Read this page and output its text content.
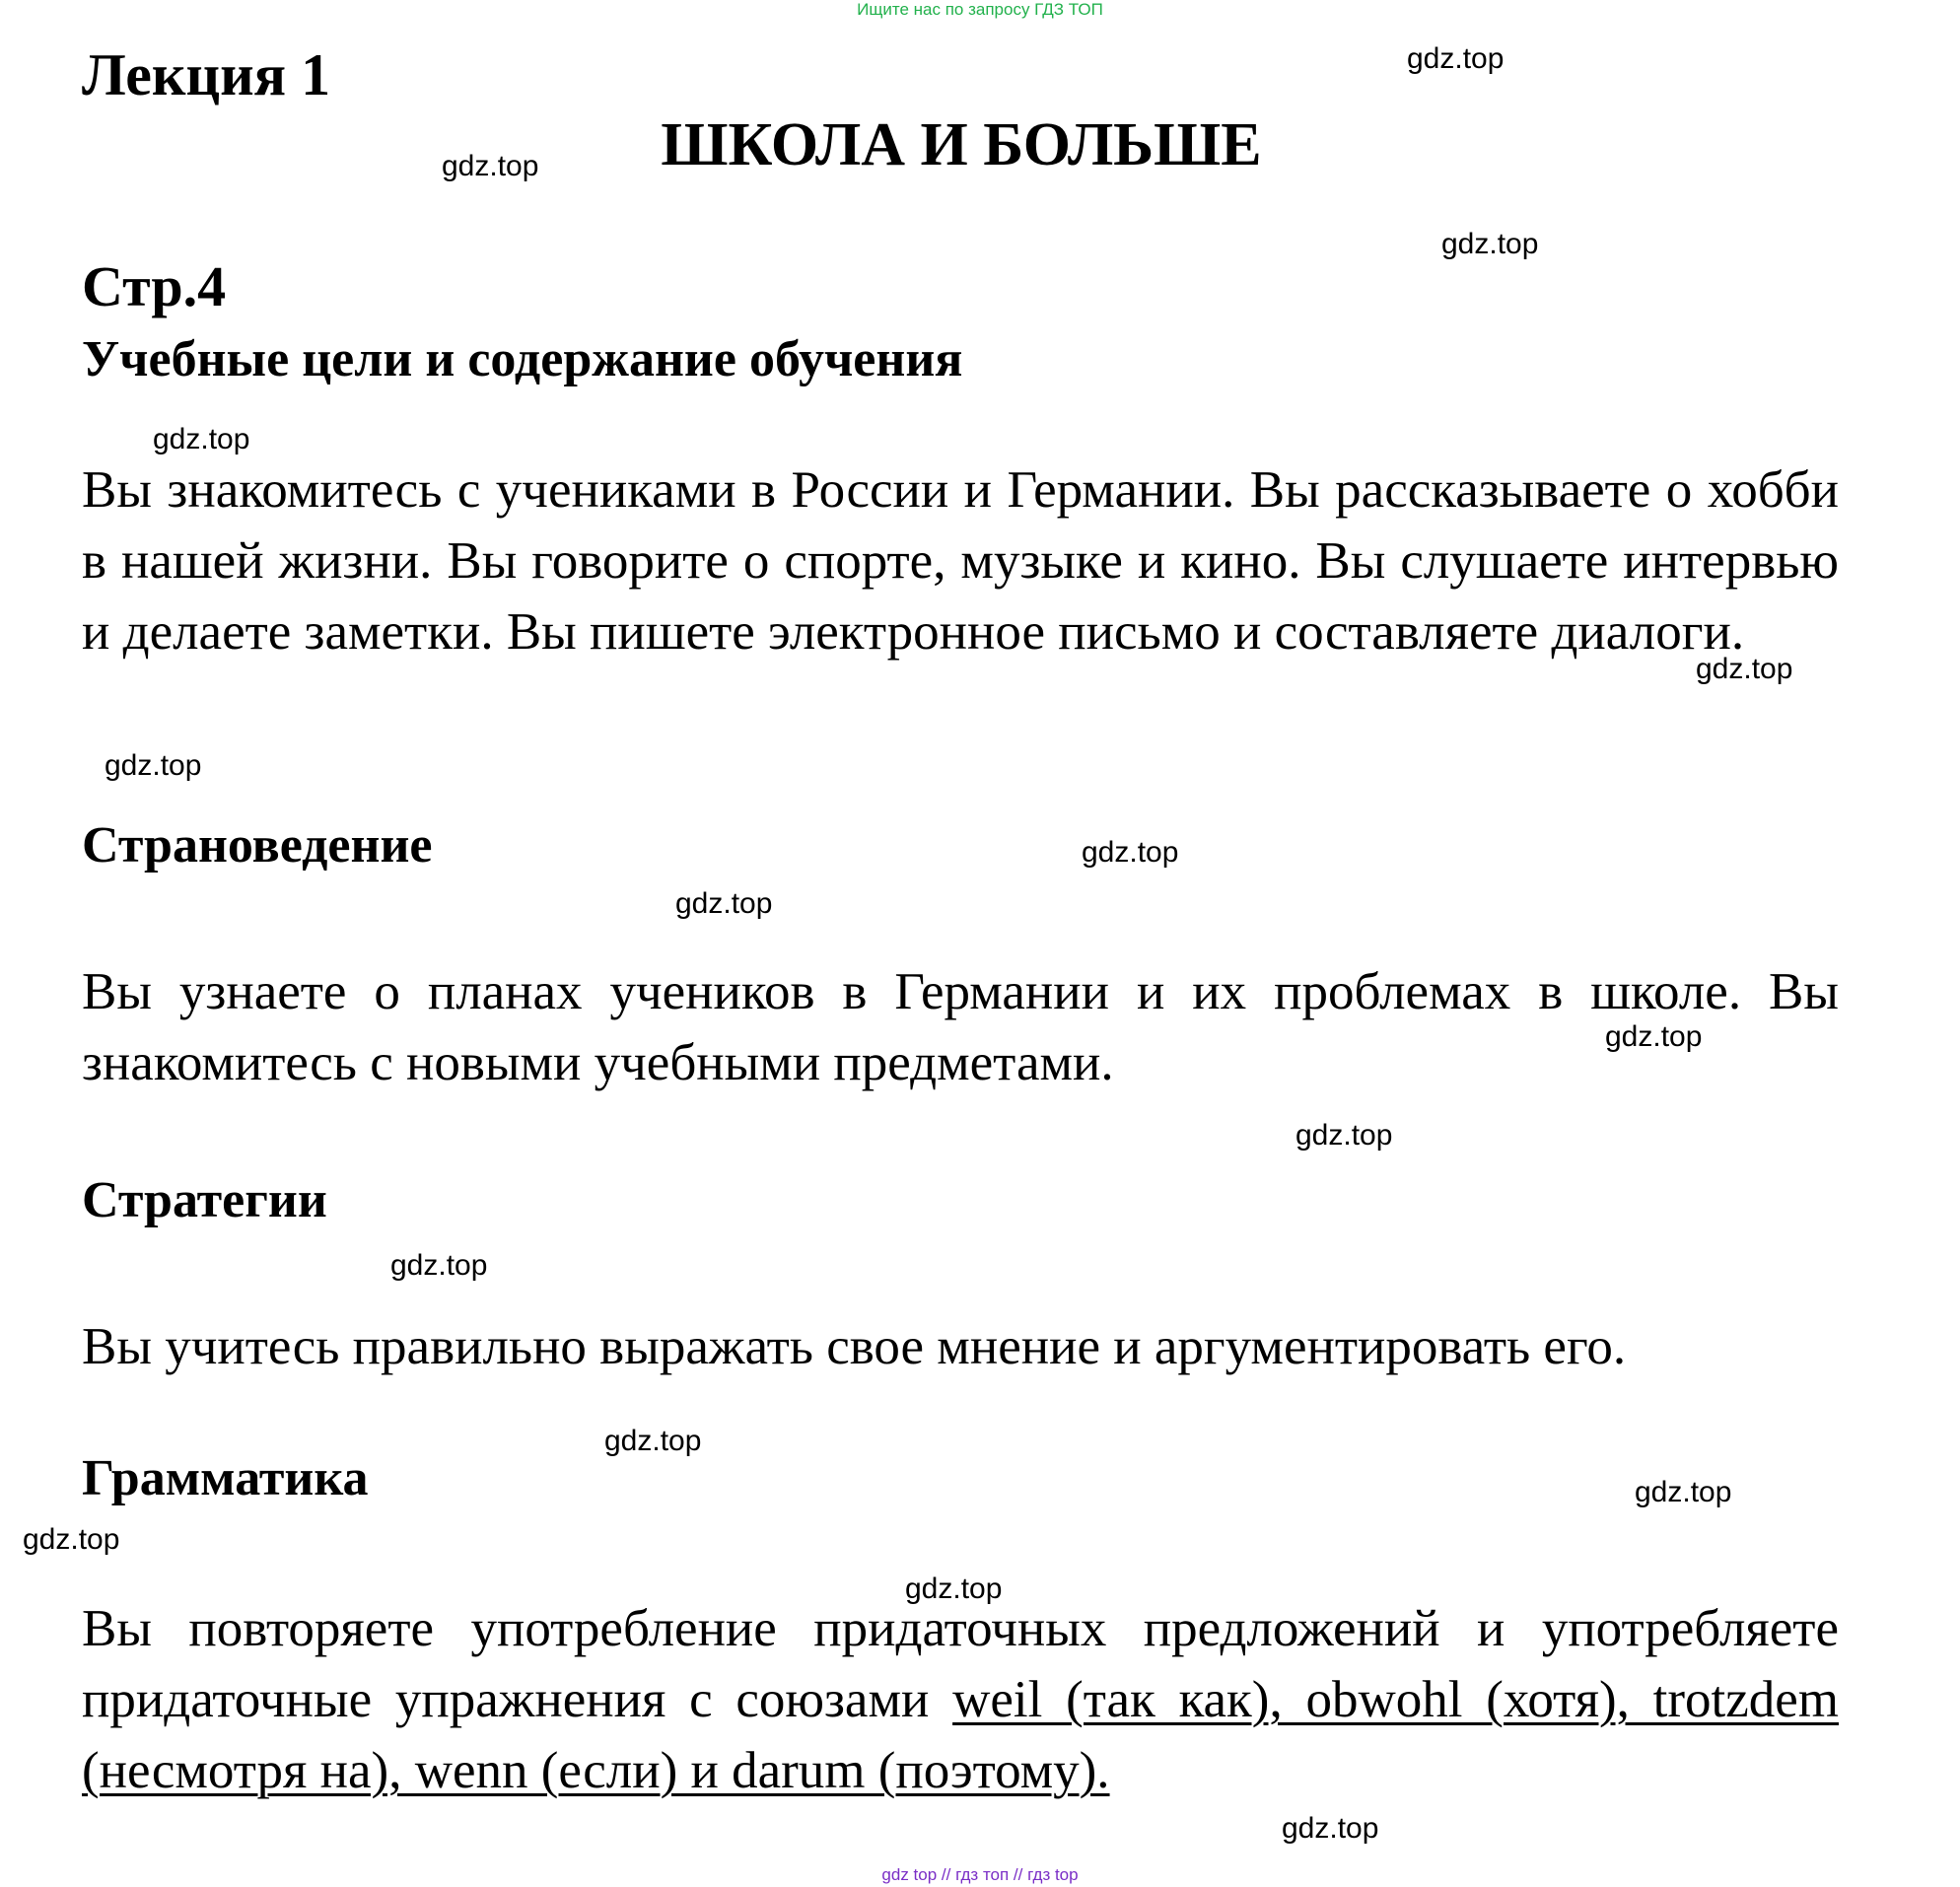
Ищите нас по запросу ГДЗ ТОП
Лекция 1
ШКОЛА И БОЛЬШЕ
Стр.4
Учебные цели и содержание обучения
Вы знакомитесь с учениками в России и Германии. Вы рассказываете о хобби в нашей жизни. Вы говорите о спорте, музыке и кино. Вы слушаете интервью и делаете заметки. Вы пишете электронное письмо и составляете диалоги.
Страноведение
Вы узнаете о планах учеников в Германии и их проблемах в школе. Вы знакомитесь с новыми учебными предметами.
Стратегии
Вы учитесь правильно выражать свое мнение и аргументировать его.
Грамматика
Вы повторяете употребление придаточных предложений и употребляете придаточные упражнения с союзами weil (так как), obwohl (хотя), trotzdem (несмотря на), wenn (если) и darum (поэтому).
gdz.top
gdz.top
gdz.top
gdz.top
gdz.top
gdz.top
gdz.top
gdz.top
gdz.top
gdz.top
gdz.top
gdz.top
gdz.top
gdz.top
gdz.top
gdz.top
gdz top // гдз топ // гдз top
